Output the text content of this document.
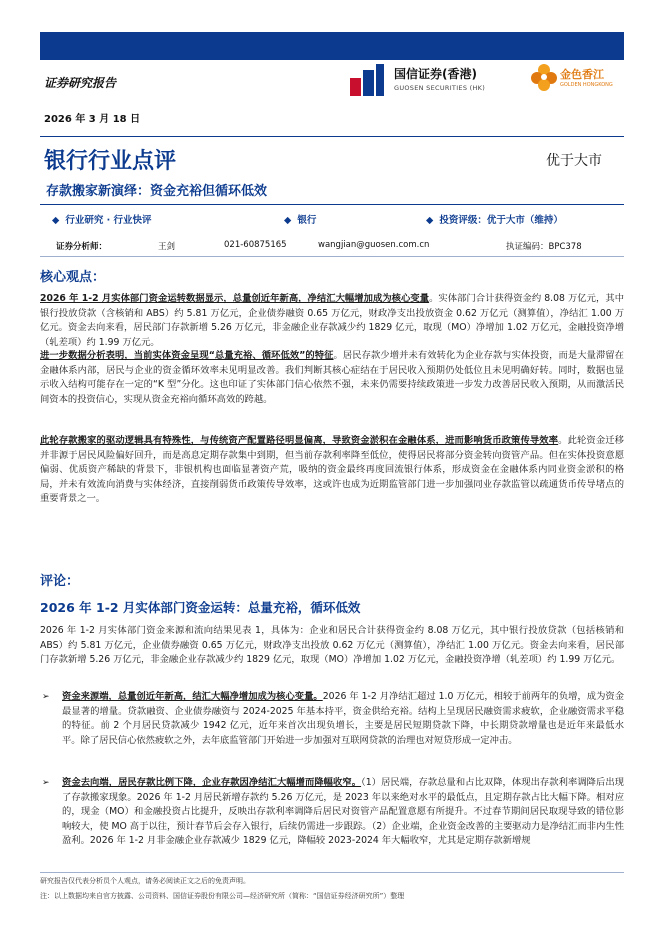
证券研究报告
国信证券(香港)
GUOSEN SECURITIES (HK)
金色香江
GOLDEN HONGKONG
2026 年 3 月 18 日
银行行业点评	优于大市
存款搬家新演绎：资金充裕但循环低效
◆ 行业研究 · 行业快评	◆ 银行	◆ 投资评级：优于大市（维持）
证券分析师：	王剑	021-60875165	wangjian@guosen.com.cn	执证编码：BPC378
核心观点：

2026 年 1-2 月实体部门资金运转数据显示，总量创近年新高，净结汇大幅增加成为核心变量。实体部门合计获得资金约 8.08 万亿元，其中银行投放贷款（含核销和 ABS）约 5.81 万亿元，企业债券融资 0.65 万亿元，财政净支出投放资金 0.62 万亿元（测算值），净结汇 1.00 万亿元。资金去向来看，居民部门存款新增 5.26 万亿元，非金融企业存款减少约 1829 亿元，取现（MO）净增加 1.02 万亿元，金融投资净增（轧差项）约 1.99 万亿元。

进一步数据分析表明，当前实体资金呈现“总量充裕、循环低效”的特征。居民存款少增并未有效转化为企业存款与实体投资，而是大量滞留在金融体系内部，居民与企业的资金循环效率未见明显改善。我们判断其核心症结在于居民收入预期仍处低位且未见明确好转。同时，数据也显示收入结构可能存在一定的“K 型”分化。这也印证了实体部门信心依然不强，未来仍需要持续政策进一步发力改善居民收入预期，从而激活民间资本的投资信心，实现从资金充裕向循环高效的跨越。

此轮存款搬家的驱动逻辑具有特殊性，与传统资产配置路径明显偏离，导致资金淤积在金融体系，进而影响货币政策传导效率。此轮资金迁移并非源于居民风险偏好回升，而是高息定期存款集中到期，但当前存款利率降至低位，使得居民将部分资金转向资管产品。但在实体投资意愿偏弱、优质资产稀缺的背景下，非银机构也面临显著资产荒，吸纳的资金最终再度回流银行体系，形成资金在金融体系内同业资金淤积的格局，并未有效流向消费与实体经济，直接削弱货币政策传导效率，这或许也成为近期监管部门进一步加强同业存款监管以疏通货币传导堵点的重要背景之一。

评论：
2026 年 1-2 月实体部门资金运转：总量充裕，循环低效

2026 年 1-2 月实体部门资金来源和流向结果见表 1，具体为：企业和居民合计获得资金约 8.08 万亿元，其中银行投放贷款（包括核销和 ABS）约 5.81 万亿元，企业债券融资 0.65 万亿元，财政净支出投放 0.62 万亿元（测算值），净结汇 1.00 万亿元。资金去向来看，居民部门存款新增 5.26 万亿元，非金融企业存款减少约 1829 亿元，取现（MO）净增加 1.02 万亿元，金融投资净增（轧差项）约 1.99 万亿元。

➢ 资金来源端，总量创近年新高，结汇大幅净增加成为核心变量。2026 年 1-2 月净结汇超过 1.0 万亿元，相较于前两年的负增，成为资金最显著的增量。贷款融资、企业债券融资与 2024-2025 年基本持平，资金供给充裕。结构上呈现居民融资需求疲软，企业融资需求平稳的特征。前 2 个月居民贷款减少 1942 亿元，近年来首次出现负增长，主要是居民短期贷款下降，中长期贷款增量也是近年来最低水平。除了居民信心依然疲软之外，去年底监管部门开始进一步加强对互联网贷款的治理也对短贷形成一定冲击。
➢ 资金去向端，居民存款比例下降，企业存款因净结汇大幅增而降幅收窄。（1）居民端，存款总量和占比双降，体现出存款利率调降后出现了存款搬家现象。2026 年 1-2 月居民新增存款约 5.26 万亿元，是 2023 年以来绝对水平的最低点，且定期存款占比大幅下降。相对应的，现金（MO）和金融投资占比提升，反映出存款利率调降后居民对资管产品配置意愿有所提升。不过春节期间居民取现导致的错位影响较大，使 MO 高于以往，预计春节后会存入银行，后续仍需进一步跟踪。（2）企业端，企业资金改善的主要驱动力是净结汇而非内生性盈利。2026 年 1-2 月非金融企业存款减少 1829 亿元，降幅较 2023-2024 年大幅收窄，尤其是定期存款新增规
研究报告仅代表分析员个人观点，请务必阅读正文之后的免责声明。
注：以上数据均来自官方披露、公司资料、国信证券股份有限公司—经济研究所（简称：“国信证券经济研究所”）整理
